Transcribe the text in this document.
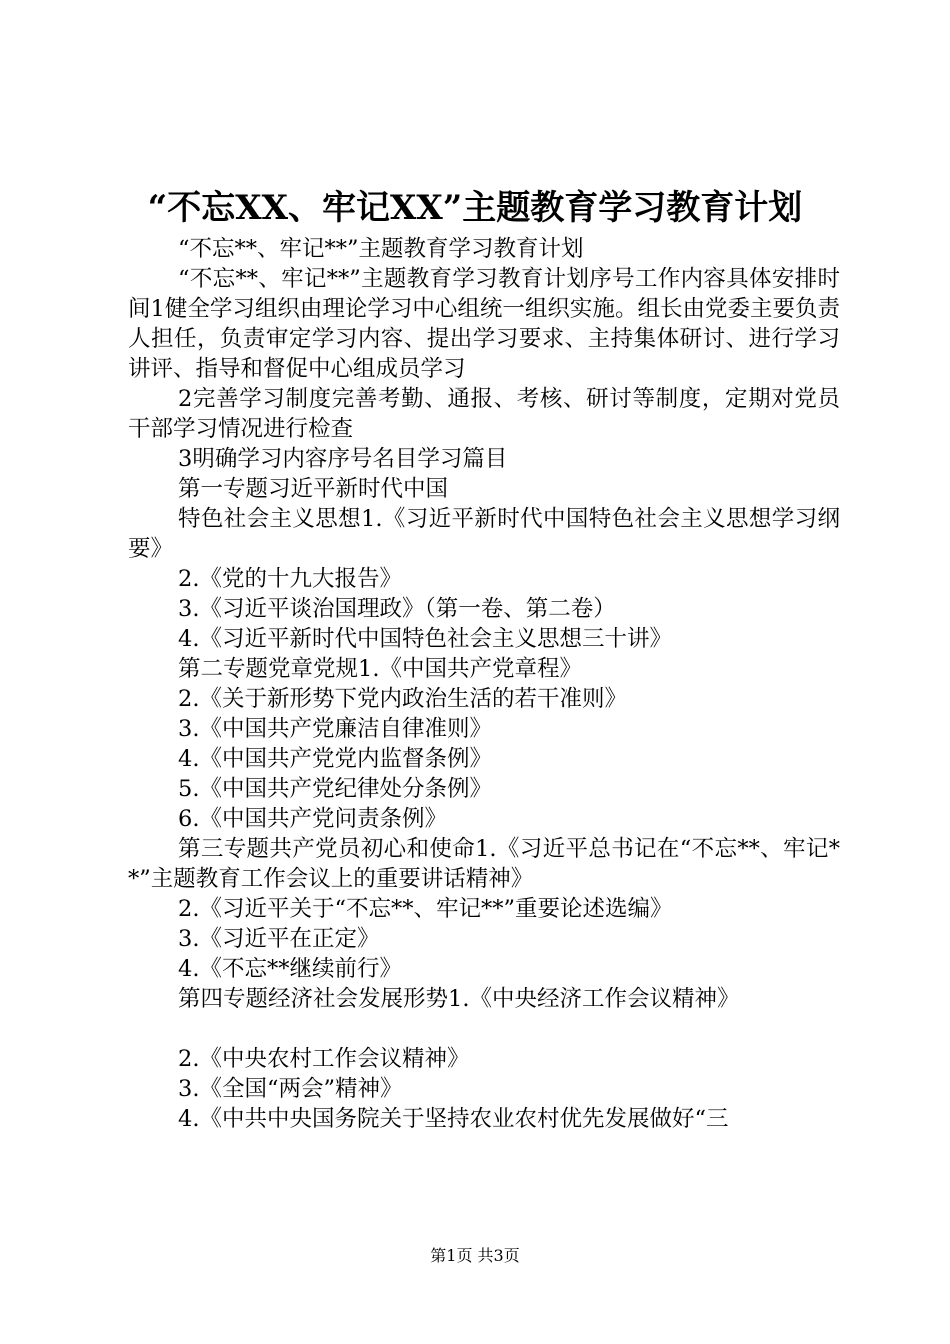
“不忘XX、牢记XX”主题教育学习教育计划

“不忘**、牢记**”主题教育学习教育计划

“不忘**、牢记**”主题教育学习教育计划序号工作内容具体安排时间1健全学习组织由理论学习中心组统一组织实施。组长由党委主要负责人担任，负责审定学习内容、提出学习要求、主持集体研讨、进行学习讲评、指导和督促中心组成员学习

2完善学习制度完善考勤、通报、考核、研讨等制度，定期对党员干部学习情况进行检查

3明确学习内容序号名目学习篇目

第一专题习近平新时代中国

特色社会主义思想1.《习近平新时代中国特色社会主义思想学习纲要》

2.《党的十九大报告》

3.《习近平谈治国理政》（第一卷、第二卷）

4.《习近平新时代中国特色社会主义思想三十讲》

第二专题党章党规1.《中国共产党章程》

2.《关于新形势下党内政治生活的若干准则》

3.《中国共产党廉洁自律准则》

4.《中国共产党党内监督条例》

5.《中国共产党纪律处分条例》

6.《中国共产党问责条例》

第三专题共产党员初心和使命1.《习近平总书记在“不忘**、牢记**”主题教育工作会议上的重要讲话精神》

2.《习近平关于“不忘**、牢记**”重要论述选编》

3.《习近平在正定》

4.《不忘**继续前行》

第四专题经济社会发展形势1.《中央经济工作会议精神》

2.《中央农村工作会议精神》

3.《全国“两会”精神》

4.《中共中央国务院关于坚持农业农村优先发展做好“三

第1页 共3页
